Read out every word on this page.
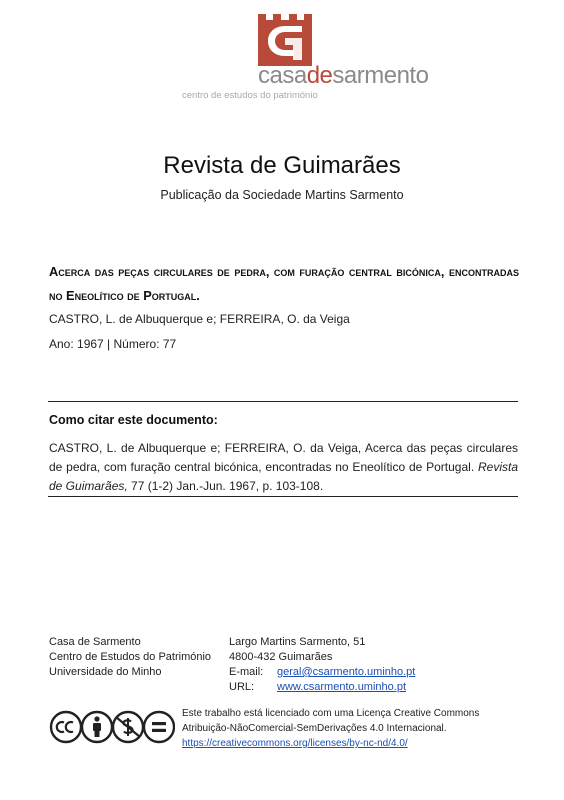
casadesarmento
centro de estudos do património
Revista de Guimarães
Publicação da Sociedade Martins Sarmento
Acerca das peças circulares de pedra, com furação central bicónica, encontradas no Eneolítico de Portugal.
CASTRO, L. de Albuquerque e; FERREIRA, O. da Veiga
Ano: 1967 | Número: 77
Como citar este documento:
CASTRO, L. de Albuquerque e; FERREIRA, O. da Veiga, Acerca das peças circulares de pedra, com furação central bicónica, encontradas no Eneolítico de Portugal. Revista de Guimarães, 77 (1-2) Jan.-Jun. 1967, p. 103-108.
Casa de Sarmento
Centro de Estudos do Património
Universidade do Minho
Largo Martins Sarmento, 51
4800-432 Guimarães
E-mail: geral@csarmento.uminho.pt
URL: www.csarmento.uminho.pt
Este trabalho está licenciado com uma Licença Creative Commons
Atribuição-NãoComercial-SemDerivações 4.0 Internacional.
https://creativecommons.org/licenses/by-nc-nd/4.0/
